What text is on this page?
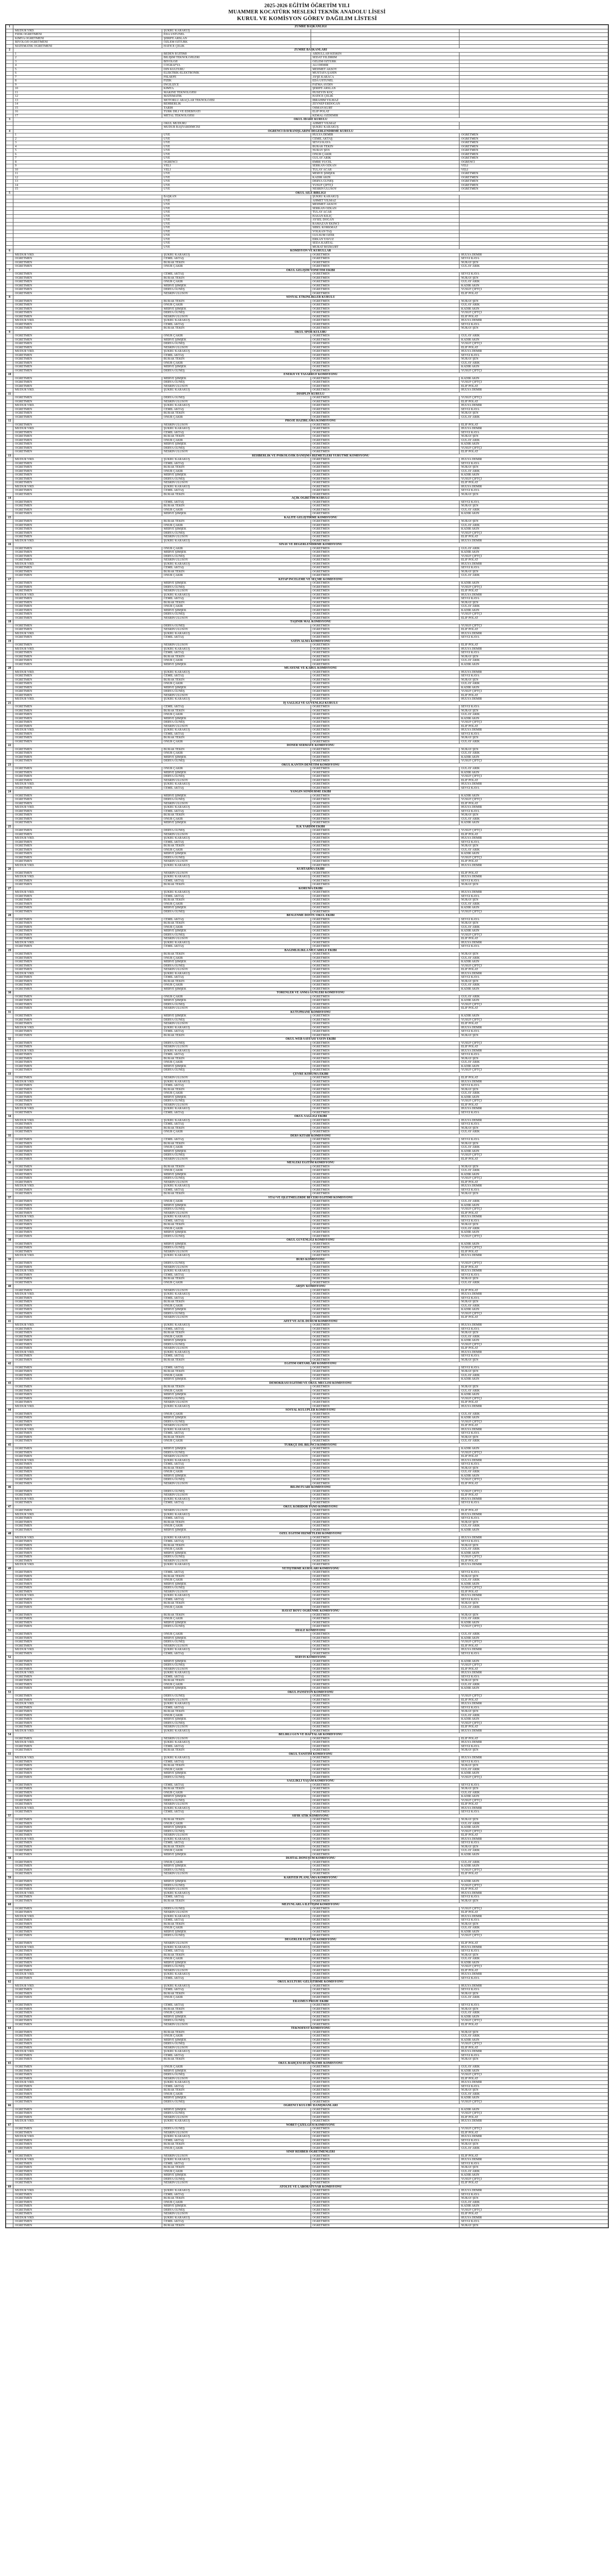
2025-2026 EĞİTİM ÖĞRETİM YILI
MUAMMER KOCATÜRK MESLEKİ TEKNİK ANADOLU LİSESİ
KURUL VE KOMİSYON GÖREV DAĞILIM LİSTESİ
1	ZÜMRE BAŞKANLIĞI			
	MÜDÜR YRD.	ŞÜKRÜ KARAKUŞ		
	FİZİK ÖĞRETMENİ	EDA ÜSTÜNEL		
	KİMYA ÖĞRETMENİ	ŞERİFE ARSLAN		
	BİYOLOJİ ÖĞRETMENİ	ÖZLEM ÖZTÜRK		
	MATEMATİK ÖĞRETMENİ	HATİCE ÇELİK		
2	ZÜMRE BAŞKANLARI			
	1	BEDEN EĞİTİMİ	ABDULLAH KESKİN	
	2	BİLİŞİM TEKNOLOJİLERİ	SEDAT YILDIRIM	
	3	BİYOLOJİ	ÖZLEM ÖZTÜRK	
	4	COĞRAFYA	ALİ DEMİR	
	5	DİN KÜLTÜRÜ	MEHMET AKSOY	
	6	ELEKTRİK-ELEKTRONİK	MUSTAFA ŞAHİN	
	7	FELSEFE	AYŞE KARACA	
	8	FİZİK	EDA ÜSTÜNEL	
	9	İNGİLİZCE	FATMA AYDIN	
	10	KİMYA	ŞERİFE ARSLAN	
	11	MAKİNE TEKNOLOJİSİ	HÜSEYİN KOÇ	
	12	MATEMATİK	HATİCE ÇELİK	
	13	MOTORLU ARAÇLAR TEKNOLOJİSİ	İBRAHİM YILMAZ	
	14	REHBERLİK	ZEYNEP ERDOĞAN	
	15	TARİH	OSMAN KURT	
	16	TÜRK DİLİ VE EDEBİYATI	ELİF POLAT	
	17	METAL TEKNOLOJİSİ	KEMAL ÖZDEMİR	
3	OKUL İDARE KURULU			
		OKUL MÜDÜRÜ	AHMET YILMAZ	
		MÜDÜR BAŞYARDIMCISI	ŞÜKRÜ KARAKUŞ	
4	ÖĞRENCİ DAVRANIŞLARINI DEĞERLENDİRME KURULU			
	1	ÜYE	HÜLYA DEMİR	ÖĞRETMEN
	2	ÜYE	CEMİL AKTAŞ	ÖĞRETMEN
	3	ÜYE	SEVGİ KAYA	ÖĞRETMEN
	4	ÜYE	BURAK TEKİN	ÖĞRETMEN
	5	ÜYE	NURAY ŞEN	ÖĞRETMEN
	6	ÜYE	ONUR ÇAKIR	ÖĞRETMEN
	7	ÜYE	GÜLAY ARIK	ÖĞRETMEN
	8	ÖĞRENCİ	EMRE YÜCEL	ÖĞRENCİ
	9	VELİ	SERKAN ÖZKAN	VELİ
	10	VELİ	TÜLAY ACAR	VELİ
	11	ÜYE	MERVE ŞİMŞEK	ÖĞRETMEN
	12	ÜYE	KADİR AKIN	ÖĞRETMEN
	13	ÜYE	DERYA GÜNEŞ	ÖĞRETMEN
	14	ÜYE	YUSUF ÇİFTÇİ	ÖĞRETMEN
	15	ÜYE	NESRİN ULUSOY	ÖĞRETMEN
5	OKUL AİLE BİRLİĞİ			
		BAŞKAN	ŞÜKRÜ KARAKUŞ	
		ÜYE	AHMET YILMAZ	
		ÜYE	MEHMET AKSOY	
		ÜYE	SERKAN ÖZKAN	
		ÜYE	TÜLAY ACAR	
		ÜYE	HASAN KILIÇ	
		ÜYE	AYSEL DOĞAN	
		ÜYE	RAMAZAN EKİNCİ	
		ÜYE	SİBEL KORKMAZ	
		ÜYE	VOLKAN TAŞ	
		ÜYE	GÜLSÜM ÖZER	
		ÜYE	ERKAN YAVUZ	
		ÜYE	SEDA KARTAL	
		ÜYE	MURAT BOZKURT	
6	KOMİSYON VE KURULLAR			
	MÜDÜR YRD.	ŞÜKRÜ KARAKUŞ	ÖĞRETMEN	HÜLYA DEMİR
	ÖĞRETMEN	CEMİL AKTAŞ	ÖĞRETMEN	SEVGİ KAYA
	ÖĞRETMEN	BURAK TEKİN	ÖĞRETMEN	NURAY ŞEN
	ÖĞRETMEN	ONUR ÇAKIR	ÖĞRETMEN	GÜLAY ARIK
7	OKUL GELİŞİM YÖNETİM EKİBİ			
	ÖĞRETMEN	CEMİL AKTAŞ	ÖĞRETMEN	SEVGİ KAYA
	ÖĞRETMEN	BURAK TEKİN	ÖĞRETMEN	NURAY ŞEN
	ÖĞRETMEN	ONUR ÇAKIR	ÖĞRETMEN	GÜLAY ARIK
	ÖĞRETMEN	MERVE ŞİMŞEK	ÖĞRETMEN	KADİR AKIN
	ÖĞRETMEN	DERYA GÜNEŞ	ÖĞRETMEN	YUSUF ÇİFTÇİ
	ÖĞRETMEN	NESRİN ULUSOY	ÖĞRETMEN	ELİF POLAT
8	SOSYAL ETKİNLİKLER KURULU			
	ÖĞRETMEN	BURAK TEKİN	ÖĞRETMEN	NURAY ŞEN
	ÖĞRETMEN	ONUR ÇAKIR	ÖĞRETMEN	GÜLAY ARIK
	ÖĞRETMEN	MERVE ŞİMŞEK	ÖĞRETMEN	KADİR AKIN
	ÖĞRETMEN	DERYA GÜNEŞ	ÖĞRETMEN	YUSUF ÇİFTÇİ
	ÖĞRETMEN	NESRİN ULUSOY	ÖĞRETMEN	ELİF POLAT
	MÜDÜR YRD.	ŞÜKRÜ KARAKUŞ	ÖĞRETMEN	HÜLYA DEMİR
	ÖĞRETMEN	CEMİL AKTAŞ	ÖĞRETMEN	SEVGİ KAYA
	ÖĞRETMEN	BURAK TEKİN	ÖĞRETMEN	NURAY ŞEN
9	OKUL SPOR KULÜBÜ			
	ÖĞRETMEN	ONUR ÇAKIR	ÖĞRETMEN	GÜLAY ARIK
	ÖĞRETMEN	MERVE ŞİMŞEK	ÖĞRETMEN	KADİR AKIN
	ÖĞRETMEN	DERYA GÜNEŞ	ÖĞRETMEN	YUSUF ÇİFTÇİ
	ÖĞRETMEN	NESRİN ULUSOY	ÖĞRETMEN	ELİF POLAT
	MÜDÜR YRD.	ŞÜKRÜ KARAKUŞ	ÖĞRETMEN	HÜLYA DEMİR
	ÖĞRETMEN	CEMİL AKTAŞ	ÖĞRETMEN	SEVGİ KAYA
	ÖĞRETMEN	BURAK TEKİN	ÖĞRETMEN	NURAY ŞEN
	ÖĞRETMEN	ONUR ÇAKIR	ÖĞRETMEN	GÜLAY ARIK
	ÖĞRETMEN	MERVE ŞİMŞEK	ÖĞRETMEN	KADİR AKIN
	ÖĞRETMEN	DERYA GÜNEŞ	ÖĞRETMEN	YUSUF ÇİFTÇİ
10	ENERJİ VE TASARRUF KOMİSYONU			
	ÖĞRETMEN	MERVE ŞİMŞEK	ÖĞRETMEN	KADİR AKIN
	ÖĞRETMEN	DERYA GÜNEŞ	ÖĞRETMEN	YUSUF ÇİFTÇİ
	ÖĞRETMEN	NESRİN ULUSOY	ÖĞRETMEN	ELİF POLAT
	MÜDÜR YRD.	ŞÜKRÜ KARAKUŞ	ÖĞRETMEN	HÜLYA DEMİR
11	DİSİPLİN KURULU			
	ÖĞRETMEN	DERYA GÜNEŞ	ÖĞRETMEN	YUSUF ÇİFTÇİ
	ÖĞRETMEN	NESRİN ULUSOY	ÖĞRETMEN	ELİF POLAT
	MÜDÜR YRD.	ŞÜKRÜ KARAKUŞ	ÖĞRETMEN	HÜLYA DEMİR
	ÖĞRETMEN	CEMİL AKTAŞ	ÖĞRETMEN	SEVGİ KAYA
	ÖĞRETMEN	BURAK TEKİN	ÖĞRETMEN	NURAY ŞEN
	ÖĞRETMEN	ONUR ÇAKIR	ÖĞRETMEN	GÜLAY ARIK
12	PROJE HAZIRLAMA KOMİSYONU			
	ÖĞRETMEN	NESRİN ULUSOY	ÖĞRETMEN	ELİF POLAT
	MÜDÜR YRD.	ŞÜKRÜ KARAKUŞ	ÖĞRETMEN	HÜLYA DEMİR
	ÖĞRETMEN	CEMİL AKTAŞ	ÖĞRETMEN	SEVGİ KAYA
	ÖĞRETMEN	BURAK TEKİN	ÖĞRETMEN	NURAY ŞEN
	ÖĞRETMEN	ONUR ÇAKIR	ÖĞRETMEN	GÜLAY ARIK
	ÖĞRETMEN	MERVE ŞİMŞEK	ÖĞRETMEN	KADİR AKIN
	ÖĞRETMEN	DERYA GÜNEŞ	ÖĞRETMEN	YUSUF ÇİFTÇİ
	ÖĞRETMEN	NESRİN ULUSOY	ÖĞRETMEN	ELİF POLAT
13	REHBERLİK VE PSİKOLOJİK DANIŞMA HİZMETLERİ YÜRÜTME KOMİSYONU			
	MÜDÜR YRD.	ŞÜKRÜ KARAKUŞ	ÖĞRETMEN	HÜLYA DEMİR
	ÖĞRETMEN	CEMİL AKTAŞ	ÖĞRETMEN	SEVGİ KAYA
	ÖĞRETMEN	BURAK TEKİN	ÖĞRETMEN	NURAY ŞEN
	ÖĞRETMEN	ONUR ÇAKIR	ÖĞRETMEN	GÜLAY ARIK
	ÖĞRETMEN	MERVE ŞİMŞEK	ÖĞRETMEN	KADİR AKIN
	ÖĞRETMEN	DERYA GÜNEŞ	ÖĞRETMEN	YUSUF ÇİFTÇİ
	ÖĞRETMEN	NESRİN ULUSOY	ÖĞRETMEN	ELİF POLAT
	MÜDÜR YRD.	ŞÜKRÜ KARAKUŞ	ÖĞRETMEN	HÜLYA DEMİR
	ÖĞRETMEN	CEMİL AKTAŞ	ÖĞRETMEN	SEVGİ KAYA
	ÖĞRETMEN	BURAK TEKİN	ÖĞRETMEN	NURAY ŞEN
14	AÇIK ÖĞRETİM KURULU			
	ÖĞRETMEN	CEMİL AKTAŞ	ÖĞRETMEN	SEVGİ KAYA
	ÖĞRETMEN	BURAK TEKİN	ÖĞRETMEN	NURAY ŞEN
	ÖĞRETMEN	ONUR ÇAKIR	ÖĞRETMEN	GÜLAY ARIK
	ÖĞRETMEN	MERVE ŞİMŞEK	ÖĞRETMEN	KADİR AKIN
15	KALİTE GELİŞTİRME KOMİSYONU			
	ÖĞRETMEN	BURAK TEKİN	ÖĞRETMEN	NURAY ŞEN
	ÖĞRETMEN	ONUR ÇAKIR	ÖĞRETMEN	GÜLAY ARIK
	ÖĞRETMEN	MERVE ŞİMŞEK	ÖĞRETMEN	KADİR AKIN
	ÖĞRETMEN	DERYA GÜNEŞ	ÖĞRETMEN	YUSUF ÇİFTÇİ
	ÖĞRETMEN	NESRİN ULUSOY	ÖĞRETMEN	ELİF POLAT
	MÜDÜR YRD.	ŞÜKRÜ KARAKUŞ	ÖĞRETMEN	HÜLYA DEMİR
16	SINAV VE DEĞERLENDİRME KOMİSYONU			
	ÖĞRETMEN	ONUR ÇAKIR	ÖĞRETMEN	GÜLAY ARIK
	ÖĞRETMEN	MERVE ŞİMŞEK	ÖĞRETMEN	KADİR AKIN
	ÖĞRETMEN	DERYA GÜNEŞ	ÖĞRETMEN	YUSUF ÇİFTÇİ
	ÖĞRETMEN	NESRİN ULUSOY	ÖĞRETMEN	ELİF POLAT
	MÜDÜR YRD.	ŞÜKRÜ KARAKUŞ	ÖĞRETMEN	HÜLYA DEMİR
	ÖĞRETMEN	CEMİL AKTAŞ	ÖĞRETMEN	SEVGİ KAYA
	ÖĞRETMEN	BURAK TEKİN	ÖĞRETMEN	NURAY ŞEN
	ÖĞRETMEN	ONUR ÇAKIR	ÖĞRETMEN	GÜLAY ARIK
17	KİTAP İNCELEME VE SEÇME KOMİSYONU			
	ÖĞRETMEN	MERVE ŞİMŞEK	ÖĞRETMEN	KADİR AKIN
	ÖĞRETMEN	DERYA GÜNEŞ	ÖĞRETMEN	YUSUF ÇİFTÇİ
	ÖĞRETMEN	NESRİN ULUSOY	ÖĞRETMEN	ELİF POLAT
	MÜDÜR YRD.	ŞÜKRÜ KARAKUŞ	ÖĞRETMEN	HÜLYA DEMİR
	ÖĞRETMEN	CEMİL AKTAŞ	ÖĞRETMEN	SEVGİ KAYA
	ÖĞRETMEN	BURAK TEKİN	ÖĞRETMEN	NURAY ŞEN
	ÖĞRETMEN	ONUR ÇAKIR	ÖĞRETMEN	GÜLAY ARIK
	ÖĞRETMEN	MERVE ŞİMŞEK	ÖĞRETMEN	KADİR AKIN
	ÖĞRETMEN	DERYA GÜNEŞ	ÖĞRETMEN	YUSUF ÇİFTÇİ
	ÖĞRETMEN	NESRİN ULUSOY	ÖĞRETMEN	ELİF POLAT
18	TAŞINIR MAL KOMİSYONU			
	ÖĞRETMEN	DERYA GÜNEŞ	ÖĞRETMEN	YUSUF ÇİFTÇİ
	ÖĞRETMEN	NESRİN ULUSOY	ÖĞRETMEN	ELİF POLAT
	MÜDÜR YRD.	ŞÜKRÜ KARAKUŞ	ÖĞRETMEN	HÜLYA DEMİR
	ÖĞRETMEN	CEMİL AKTAŞ	ÖĞRETMEN	SEVGİ KAYA
19	SATIN ALMA KOMİSYONU			
	ÖĞRETMEN	NESRİN ULUSOY	ÖĞRETMEN	ELİF POLAT
	MÜDÜR YRD.	ŞÜKRÜ KARAKUŞ	ÖĞRETMEN	HÜLYA DEMİR
	ÖĞRETMEN	CEMİL AKTAŞ	ÖĞRETMEN	SEVGİ KAYA
	ÖĞRETMEN	BURAK TEKİN	ÖĞRETMEN	NURAY ŞEN
	ÖĞRETMEN	ONUR ÇAKIR	ÖĞRETMEN	GÜLAY ARIK
	ÖĞRETMEN	MERVE ŞİMŞEK	ÖĞRETMEN	KADİR AKIN
20	MUAYENE VE KABUL KOMİSYONU			
	MÜDÜR YRD.	ŞÜKRÜ KARAKUŞ	ÖĞRETMEN	HÜLYA DEMİR
	ÖĞRETMEN	CEMİL AKTAŞ	ÖĞRETMEN	SEVGİ KAYA
	ÖĞRETMEN	BURAK TEKİN	ÖĞRETMEN	NURAY ŞEN
	ÖĞRETMEN	ONUR ÇAKIR	ÖĞRETMEN	GÜLAY ARIK
	ÖĞRETMEN	MERVE ŞİMŞEK	ÖĞRETMEN	KADİR AKIN
	ÖĞRETMEN	DERYA GÜNEŞ	ÖĞRETMEN	YUSUF ÇİFTÇİ
	ÖĞRETMEN	NESRİN ULUSOY	ÖĞRETMEN	ELİF POLAT
	MÜDÜR YRD.	ŞÜKRÜ KARAKUŞ	ÖĞRETMEN	HÜLYA DEMİR
21	İŞ SAĞLIĞI VE GÜVENLİĞİ KURULU			
	ÖĞRETMEN	CEMİL AKTAŞ	ÖĞRETMEN	SEVGİ KAYA
	ÖĞRETMEN	BURAK TEKİN	ÖĞRETMEN	NURAY ŞEN
	ÖĞRETMEN	ONUR ÇAKIR	ÖĞRETMEN	GÜLAY ARIK
	ÖĞRETMEN	MERVE ŞİMŞEK	ÖĞRETMEN	KADİR AKIN
	ÖĞRETMEN	DERYA GÜNEŞ	ÖĞRETMEN	YUSUF ÇİFTÇİ
	ÖĞRETMEN	NESRİN ULUSOY	ÖĞRETMEN	ELİF POLAT
	MÜDÜR YRD.	ŞÜKRÜ KARAKUŞ	ÖĞRETMEN	HÜLYA DEMİR
	ÖĞRETMEN	CEMİL AKTAŞ	ÖĞRETMEN	SEVGİ KAYA
	ÖĞRETMEN	BURAK TEKİN	ÖĞRETMEN	NURAY ŞEN
	ÖĞRETMEN	ONUR ÇAKIR	ÖĞRETMEN	GÜLAY ARIK
22	DÖNER SERMAYE KOMİSYONU			
	ÖĞRETMEN	BURAK TEKİN	ÖĞRETMEN	NURAY ŞEN
	ÖĞRETMEN	ONUR ÇAKIR	ÖĞRETMEN	GÜLAY ARIK
	ÖĞRETMEN	MERVE ŞİMŞEK	ÖĞRETMEN	KADİR AKIN
	ÖĞRETMEN	DERYA GÜNEŞ	ÖĞRETMEN	YUSUF ÇİFTÇİ
23	OKUL KANTİN DENETİM KOMİSYONU			
	ÖĞRETMEN	ONUR ÇAKIR	ÖĞRETMEN	GÜLAY ARIK
	ÖĞRETMEN	MERVE ŞİMŞEK	ÖĞRETMEN	KADİR AKIN
	ÖĞRETMEN	DERYA GÜNEŞ	ÖĞRETMEN	YUSUF ÇİFTÇİ
	ÖĞRETMEN	NESRİN ULUSOY	ÖĞRETMEN	ELİF POLAT
	MÜDÜR YRD.	ŞÜKRÜ KARAKUŞ	ÖĞRETMEN	HÜLYA DEMİR
	ÖĞRETMEN	CEMİL AKTAŞ	ÖĞRETMEN	SEVGİ KAYA
24	YANGIN SÖNDÜRME EKİBİ			
	ÖĞRETMEN	MERVE ŞİMŞEK	ÖĞRETMEN	KADİR AKIN
	ÖĞRETMEN	DERYA GÜNEŞ	ÖĞRETMEN	YUSUF ÇİFTÇİ
	ÖĞRETMEN	NESRİN ULUSOY	ÖĞRETMEN	ELİF POLAT
	MÜDÜR YRD.	ŞÜKRÜ KARAKUŞ	ÖĞRETMEN	HÜLYA DEMİR
	ÖĞRETMEN	CEMİL AKTAŞ	ÖĞRETMEN	SEVGİ KAYA
	ÖĞRETMEN	BURAK TEKİN	ÖĞRETMEN	NURAY ŞEN
	ÖĞRETMEN	ONUR ÇAKIR	ÖĞRETMEN	GÜLAY ARIK
	ÖĞRETMEN	MERVE ŞİMŞEK	ÖĞRETMEN	KADİR AKIN
25	İLK YARDIM EKİBİ			
	ÖĞRETMEN	DERYA GÜNEŞ	ÖĞRETMEN	YUSUF ÇİFTÇİ
	ÖĞRETMEN	NESRİN ULUSOY	ÖĞRETMEN	ELİF POLAT
	MÜDÜR YRD.	ŞÜKRÜ KARAKUŞ	ÖĞRETMEN	HÜLYA DEMİR
	ÖĞRETMEN	CEMİL AKTAŞ	ÖĞRETMEN	SEVGİ KAYA
	ÖĞRETMEN	BURAK TEKİN	ÖĞRETMEN	NURAY ŞEN
	ÖĞRETMEN	ONUR ÇAKIR	ÖĞRETMEN	GÜLAY ARIK
	ÖĞRETMEN	MERVE ŞİMŞEK	ÖĞRETMEN	KADİR AKIN
	ÖĞRETMEN	DERYA GÜNEŞ	ÖĞRETMEN	YUSUF ÇİFTÇİ
	ÖĞRETMEN	NESRİN ULUSOY	ÖĞRETMEN	ELİF POLAT
	MÜDÜR YRD.	ŞÜKRÜ KARAKUŞ	ÖĞRETMEN	HÜLYA DEMİR
26	KURTARMA EKİBİ			
	ÖĞRETMEN	NESRİN ULUSOY	ÖĞRETMEN	ELİF POLAT
	MÜDÜR YRD.	ŞÜKRÜ KARAKUŞ	ÖĞRETMEN	HÜLYA DEMİR
	ÖĞRETMEN	CEMİL AKTAŞ	ÖĞRETMEN	SEVGİ KAYA
	ÖĞRETMEN	BURAK TEKİN	ÖĞRETMEN	NURAY ŞEN
27	KORUMA EKİBİ			
	MÜDÜR YRD.	ŞÜKRÜ KARAKUŞ	ÖĞRETMEN	HÜLYA DEMİR
	ÖĞRETMEN	CEMİL AKTAŞ	ÖĞRETMEN	SEVGİ KAYA
	ÖĞRETMEN	BURAK TEKİN	ÖĞRETMEN	NURAY ŞEN
	ÖĞRETMEN	ONUR ÇAKIR	ÖĞRETMEN	GÜLAY ARIK
	ÖĞRETMEN	MERVE ŞİMŞEK	ÖĞRETMEN	KADİR AKIN
	ÖĞRETMEN	DERYA GÜNEŞ	ÖĞRETMEN	YUSUF ÇİFTÇİ
28	BESLENME DOSTU OKUL EKİBİ			
	ÖĞRETMEN	CEMİL AKTAŞ	ÖĞRETMEN	SEVGİ KAYA
	ÖĞRETMEN	BURAK TEKİN	ÖĞRETMEN	NURAY ŞEN
	ÖĞRETMEN	ONUR ÇAKIR	ÖĞRETMEN	GÜLAY ARIK
	ÖĞRETMEN	MERVE ŞİMŞEK	ÖĞRETMEN	KADİR AKIN
	ÖĞRETMEN	DERYA GÜNEŞ	ÖĞRETMEN	YUSUF ÇİFTÇİ
	ÖĞRETMEN	NESRİN ULUSOY	ÖĞRETMEN	ELİF POLAT
	MÜDÜR YRD.	ŞÜKRÜ KARAKUŞ	ÖĞRETMEN	HÜLYA DEMİR
	ÖĞRETMEN	CEMİL AKTAŞ	ÖĞRETMEN	SEVGİ KAYA
29	BAĞIMLILIKLA MÜCADELE EKİBİ			
	ÖĞRETMEN	BURAK TEKİN	ÖĞRETMEN	NURAY ŞEN
	ÖĞRETMEN	ONUR ÇAKIR	ÖĞRETMEN	GÜLAY ARIK
	ÖĞRETMEN	MERVE ŞİMŞEK	ÖĞRETMEN	KADİR AKIN
	ÖĞRETMEN	DERYA GÜNEŞ	ÖĞRETMEN	YUSUF ÇİFTÇİ
	ÖĞRETMEN	NESRİN ULUSOY	ÖĞRETMEN	ELİF POLAT
	MÜDÜR YRD.	ŞÜKRÜ KARAKUŞ	ÖĞRETMEN	HÜLYA DEMİR
	ÖĞRETMEN	CEMİL AKTAŞ	ÖĞRETMEN	SEVGİ KAYA
	ÖĞRETMEN	BURAK TEKİN	ÖĞRETMEN	NURAY ŞEN
	ÖĞRETMEN	ONUR ÇAKIR	ÖĞRETMEN	GÜLAY ARIK
	ÖĞRETMEN	MERVE ŞİMŞEK	ÖĞRETMEN	KADİR AKIN
30	TÖRENLER VE ANMA GÜNLERİ KOMİSYONU			
	ÖĞRETMEN	ONUR ÇAKIR	ÖĞRETMEN	GÜLAY ARIK
	ÖĞRETMEN	MERVE ŞİMŞEK	ÖĞRETMEN	KADİR AKIN
	ÖĞRETMEN	DERYA GÜNEŞ	ÖĞRETMEN	YUSUF ÇİFTÇİ
	ÖĞRETMEN	NESRİN ULUSOY	ÖĞRETMEN	ELİF POLAT
31	KÜTÜPHANE KOMİSYONU			
	ÖĞRETMEN	MERVE ŞİMŞEK	ÖĞRETMEN	KADİR AKIN
	ÖĞRETMEN	DERYA GÜNEŞ	ÖĞRETMEN	YUSUF ÇİFTÇİ
	ÖĞRETMEN	NESRİN ULUSOY	ÖĞRETMEN	ELİF POLAT
	MÜDÜR YRD.	ŞÜKRÜ KARAKUŞ	ÖĞRETMEN	HÜLYA DEMİR
	ÖĞRETMEN	CEMİL AKTAŞ	ÖĞRETMEN	SEVGİ KAYA
	ÖĞRETMEN	BURAK TEKİN	ÖĞRETMEN	NURAY ŞEN
32	OKUL WEB SAYFASI YAYIN EKİBİ			
	ÖĞRETMEN	DERYA GÜNEŞ	ÖĞRETMEN	YUSUF ÇİFTÇİ
	ÖĞRETMEN	NESRİN ULUSOY	ÖĞRETMEN	ELİF POLAT
	MÜDÜR YRD.	ŞÜKRÜ KARAKUŞ	ÖĞRETMEN	HÜLYA DEMİR
	ÖĞRETMEN	CEMİL AKTAŞ	ÖĞRETMEN	SEVGİ KAYA
	ÖĞRETMEN	BURAK TEKİN	ÖĞRETMEN	NURAY ŞEN
	ÖĞRETMEN	ONUR ÇAKIR	ÖĞRETMEN	GÜLAY ARIK
	ÖĞRETMEN	MERVE ŞİMŞEK	ÖĞRETMEN	KADİR AKIN
	ÖĞRETMEN	DERYA GÜNEŞ	ÖĞRETMEN	YUSUF ÇİFTÇİ
33	ÇEVRE KORUMA EKİBİ			
	ÖĞRETMEN	NESRİN ULUSOY	ÖĞRETMEN	ELİF POLAT
	MÜDÜR YRD.	ŞÜKRÜ KARAKUŞ	ÖĞRETMEN	HÜLYA DEMİR
	ÖĞRETMEN	CEMİL AKTAŞ	ÖĞRETMEN	SEVGİ KAYA
	ÖĞRETMEN	BURAK TEKİN	ÖĞRETMEN	NURAY ŞEN
	ÖĞRETMEN	ONUR ÇAKIR	ÖĞRETMEN	GÜLAY ARIK
	ÖĞRETMEN	MERVE ŞİMŞEK	ÖĞRETMEN	KADİR AKIN
	ÖĞRETMEN	DERYA GÜNEŞ	ÖĞRETMEN	YUSUF ÇİFTÇİ
	ÖĞRETMEN	NESRİN ULUSOY	ÖĞRETMEN	ELİF POLAT
	MÜDÜR YRD.	ŞÜKRÜ KARAKUŞ	ÖĞRETMEN	HÜLYA DEMİR
	ÖĞRETMEN	CEMİL AKTAŞ	ÖĞRETMEN	SEVGİ KAYA
34	OKUL SAĞLIĞI EKİBİ			
	MÜDÜR YRD.	ŞÜKRÜ KARAKUŞ	ÖĞRETMEN	HÜLYA DEMİR
	ÖĞRETMEN	CEMİL AKTAŞ	ÖĞRETMEN	SEVGİ KAYA
	ÖĞRETMEN	BURAK TEKİN	ÖĞRETMEN	NURAY ŞEN
	ÖĞRETMEN	ONUR ÇAKIR	ÖĞRETMEN	GÜLAY ARIK
35	DERS KİTABI KOMİSYONU			
	ÖĞRETMEN	CEMİL AKTAŞ	ÖĞRETMEN	SEVGİ KAYA
	ÖĞRETMEN	BURAK TEKİN	ÖĞRETMEN	NURAY ŞEN
	ÖĞRETMEN	ONUR ÇAKIR	ÖĞRETMEN	GÜLAY ARIK
	ÖĞRETMEN	MERVE ŞİMŞEK	ÖĞRETMEN	KADİR AKIN
	ÖĞRETMEN	DERYA GÜNEŞ	ÖĞRETMEN	YUSUF ÇİFTÇİ
	ÖĞRETMEN	NESRİN ULUSOY	ÖĞRETMEN	ELİF POLAT
36	MESLEKİ EĞİTİM KOMİSYONU			
	ÖĞRETMEN	BURAK TEKİN	ÖĞRETMEN	NURAY ŞEN
	ÖĞRETMEN	ONUR ÇAKIR	ÖĞRETMEN	GÜLAY ARIK
	ÖĞRETMEN	MERVE ŞİMŞEK	ÖĞRETMEN	KADİR AKIN
	ÖĞRETMEN	DERYA GÜNEŞ	ÖĞRETMEN	YUSUF ÇİFTÇİ
	ÖĞRETMEN	NESRİN ULUSOY	ÖĞRETMEN	ELİF POLAT
	MÜDÜR YRD.	ŞÜKRÜ KARAKUŞ	ÖĞRETMEN	HÜLYA DEMİR
	ÖĞRETMEN	CEMİL AKTAŞ	ÖĞRETMEN	SEVGİ KAYA
	ÖĞRETMEN	BURAK TEKİN	ÖĞRETMEN	NURAY ŞEN
37	STAJ VE İŞLETMELERDE BECERİ EĞİTİMİ KOMİSYONU			
	ÖĞRETMEN	ONUR ÇAKIR	ÖĞRETMEN	GÜLAY ARIK
	ÖĞRETMEN	MERVE ŞİMŞEK	ÖĞRETMEN	KADİR AKIN
	ÖĞRETMEN	DERYA GÜNEŞ	ÖĞRETMEN	YUSUF ÇİFTÇİ
	ÖĞRETMEN	NESRİN ULUSOY	ÖĞRETMEN	ELİF POLAT
	MÜDÜR YRD.	ŞÜKRÜ KARAKUŞ	ÖĞRETMEN	HÜLYA DEMİR
	ÖĞRETMEN	CEMİL AKTAŞ	ÖĞRETMEN	SEVGİ KAYA
	ÖĞRETMEN	BURAK TEKİN	ÖĞRETMEN	NURAY ŞEN
	ÖĞRETMEN	ONUR ÇAKIR	ÖĞRETMEN	GÜLAY ARIK
	ÖĞRETMEN	MERVE ŞİMŞEK	ÖĞRETMEN	KADİR AKIN
	ÖĞRETMEN	DERYA GÜNEŞ	ÖĞRETMEN	YUSUF ÇİFTÇİ
38	OKUL GÜVENLİĞİ KOMİSYONU			
	ÖĞRETMEN	MERVE ŞİMŞEK	ÖĞRETMEN	KADİR AKIN
	ÖĞRETMEN	DERYA GÜNEŞ	ÖĞRETMEN	YUSUF ÇİFTÇİ
	ÖĞRETMEN	NESRİN ULUSOY	ÖĞRETMEN	ELİF POLAT
	MÜDÜR YRD.	ŞÜKRÜ KARAKUŞ	ÖĞRETMEN	HÜLYA DEMİR
39	BURS KOMİSYONU			
	ÖĞRETMEN	DERYA GÜNEŞ	ÖĞRETMEN	YUSUF ÇİFTÇİ
	ÖĞRETMEN	NESRİN ULUSOY	ÖĞRETMEN	ELİF POLAT
	MÜDÜR YRD.	ŞÜKRÜ KARAKUŞ	ÖĞRETMEN	HÜLYA DEMİR
	ÖĞRETMEN	CEMİL AKTAŞ	ÖĞRETMEN	SEVGİ KAYA
	ÖĞRETMEN	BURAK TEKİN	ÖĞRETMEN	NURAY ŞEN
	ÖĞRETMEN	ONUR ÇAKIR	ÖĞRETMEN	GÜLAY ARIK
40	ARŞİV KOMİSYONU			
	ÖĞRETMEN	NESRİN ULUSOY	ÖĞRETMEN	ELİF POLAT
	MÜDÜR YRD.	ŞÜKRÜ KARAKUŞ	ÖĞRETMEN	HÜLYA DEMİR
	ÖĞRETMEN	CEMİL AKTAŞ	ÖĞRETMEN	SEVGİ KAYA
	ÖĞRETMEN	BURAK TEKİN	ÖĞRETMEN	NURAY ŞEN
	ÖĞRETMEN	ONUR ÇAKIR	ÖĞRETMEN	GÜLAY ARIK
	ÖĞRETMEN	MERVE ŞİMŞEK	ÖĞRETMEN	KADİR AKIN
	ÖĞRETMEN	DERYA GÜNEŞ	ÖĞRETMEN	YUSUF ÇİFTÇİ
	ÖĞRETMEN	NESRİN ULUSOY	ÖĞRETMEN	ELİF POLAT
41	AFET VE ACİL DURUM KOMİSYONU			
	MÜDÜR YRD.	ŞÜKRÜ KARAKUŞ	ÖĞRETMEN	HÜLYA DEMİR
	ÖĞRETMEN	CEMİL AKTAŞ	ÖĞRETMEN	SEVGİ KAYA
	ÖĞRETMEN	BURAK TEKİN	ÖĞRETMEN	NURAY ŞEN
	ÖĞRETMEN	ONUR ÇAKIR	ÖĞRETMEN	GÜLAY ARIK
	ÖĞRETMEN	MERVE ŞİMŞEK	ÖĞRETMEN	KADİR AKIN
	ÖĞRETMEN	DERYA GÜNEŞ	ÖĞRETMEN	YUSUF ÇİFTÇİ
	ÖĞRETMEN	NESRİN ULUSOY	ÖĞRETMEN	ELİF POLAT
	MÜDÜR YRD.	ŞÜKRÜ KARAKUŞ	ÖĞRETMEN	HÜLYA DEMİR
	ÖĞRETMEN	CEMİL AKTAŞ	ÖĞRETMEN	SEVGİ KAYA
	ÖĞRETMEN	BURAK TEKİN	ÖĞRETMEN	NURAY ŞEN
42	EĞİTİM ORTAMLARI KOMİSYONU			
	ÖĞRETMEN	CEMİL AKTAŞ	ÖĞRETMEN	SEVGİ KAYA
	ÖĞRETMEN	BURAK TEKİN	ÖĞRETMEN	NURAY ŞEN
	ÖĞRETMEN	ONUR ÇAKIR	ÖĞRETMEN	GÜLAY ARIK
	ÖĞRETMEN	MERVE ŞİMŞEK	ÖĞRETMEN	KADİR AKIN
43	DEMOKRASİ EĞİTİMİ VE OKUL MECLİSİ KOMİSYONU			
	ÖĞRETMEN	BURAK TEKİN	ÖĞRETMEN	NURAY ŞEN
	ÖĞRETMEN	ONUR ÇAKIR	ÖĞRETMEN	GÜLAY ARIK
	ÖĞRETMEN	MERVE ŞİMŞEK	ÖĞRETMEN	KADİR AKIN
	ÖĞRETMEN	DERYA GÜNEŞ	ÖĞRETMEN	YUSUF ÇİFTÇİ
	ÖĞRETMEN	NESRİN ULUSOY	ÖĞRETMEN	ELİF POLAT
	MÜDÜR YRD.	ŞÜKRÜ KARAKUŞ	ÖĞRETMEN	HÜLYA DEMİR
44	SOSYAL KULÜPLER KOMİSYONU			
	ÖĞRETMEN	ONUR ÇAKIR	ÖĞRETMEN	GÜLAY ARIK
	ÖĞRETMEN	MERVE ŞİMŞEK	ÖĞRETMEN	KADİR AKIN
	ÖĞRETMEN	DERYA GÜNEŞ	ÖĞRETMEN	YUSUF ÇİFTÇİ
	ÖĞRETMEN	NESRİN ULUSOY	ÖĞRETMEN	ELİF POLAT
	MÜDÜR YRD.	ŞÜKRÜ KARAKUŞ	ÖĞRETMEN	HÜLYA DEMİR
	ÖĞRETMEN	CEMİL AKTAŞ	ÖĞRETMEN	SEVGİ KAYA
	ÖĞRETMEN	BURAK TEKİN	ÖĞRETMEN	NURAY ŞEN
	ÖĞRETMEN	ONUR ÇAKIR	ÖĞRETMEN	GÜLAY ARIK
45	TÜRKÇE DİL BİLİNCİ KOMİSYONU			
	ÖĞRETMEN	MERVE ŞİMŞEK	ÖĞRETMEN	KADİR AKIN
	ÖĞRETMEN	DERYA GÜNEŞ	ÖĞRETMEN	YUSUF ÇİFTÇİ
	ÖĞRETMEN	NESRİN ULUSOY	ÖĞRETMEN	ELİF POLAT
	MÜDÜR YRD.	ŞÜKRÜ KARAKUŞ	ÖĞRETMEN	HÜLYA DEMİR
	ÖĞRETMEN	CEMİL AKTAŞ	ÖĞRETMEN	SEVGİ KAYA
	ÖĞRETMEN	BURAK TEKİN	ÖĞRETMEN	NURAY ŞEN
	ÖĞRETMEN	ONUR ÇAKIR	ÖĞRETMEN	GÜLAY ARIK
	ÖĞRETMEN	MERVE ŞİMŞEK	ÖĞRETMEN	KADİR AKIN
	ÖĞRETMEN	DERYA GÜNEŞ	ÖĞRETMEN	YUSUF ÇİFTÇİ
	ÖĞRETMEN	NESRİN ULUSOY	ÖĞRETMEN	ELİF POLAT
46	BİLİM FUARI KOMİSYONU			
	ÖĞRETMEN	DERYA GÜNEŞ	ÖĞRETMEN	YUSUF ÇİFTÇİ
	ÖĞRETMEN	NESRİN ULUSOY	ÖĞRETMEN	ELİF POLAT
	MÜDÜR YRD.	ŞÜKRÜ KARAKUŞ	ÖĞRETMEN	HÜLYA DEMİR
	ÖĞRETMEN	CEMİL AKTAŞ	ÖĞRETMEN	SEVGİ KAYA
47	OKUL KORİDOR PANO KOMİSYONU			
	ÖĞRETMEN	NESRİN ULUSOY	ÖĞRETMEN	ELİF POLAT
	MÜDÜR YRD.	ŞÜKRÜ KARAKUŞ	ÖĞRETMEN	HÜLYA DEMİR
	ÖĞRETMEN	CEMİL AKTAŞ	ÖĞRETMEN	SEVGİ KAYA
	ÖĞRETMEN	BURAK TEKİN	ÖĞRETMEN	NURAY ŞEN
	ÖĞRETMEN	ONUR ÇAKIR	ÖĞRETMEN	GÜLAY ARIK
	ÖĞRETMEN	MERVE ŞİMŞEK	ÖĞRETMEN	KADİR AKIN
48	ÖZEL EĞİTİM HİZMETLERİ KOMİSYONU			
	MÜDÜR YRD.	ŞÜKRÜ KARAKUŞ	ÖĞRETMEN	HÜLYA DEMİR
	ÖĞRETMEN	CEMİL AKTAŞ	ÖĞRETMEN	SEVGİ KAYA
	ÖĞRETMEN	BURAK TEKİN	ÖĞRETMEN	NURAY ŞEN
	ÖĞRETMEN	ONUR ÇAKIR	ÖĞRETMEN	GÜLAY ARIK
	ÖĞRETMEN	MERVE ŞİMŞEK	ÖĞRETMEN	KADİR AKIN
	ÖĞRETMEN	DERYA GÜNEŞ	ÖĞRETMEN	YUSUF ÇİFTÇİ
	ÖĞRETMEN	NESRİN ULUSOY	ÖĞRETMEN	ELİF POLAT
	MÜDÜR YRD.	ŞÜKRÜ KARAKUŞ	ÖĞRETMEN	HÜLYA DEMİR
49	YETİŞTİRME KURSLARI KOMİSYONU			
	ÖĞRETMEN	CEMİL AKTAŞ	ÖĞRETMEN	SEVGİ KAYA
	ÖĞRETMEN	BURAK TEKİN	ÖĞRETMEN	NURAY ŞEN
	ÖĞRETMEN	ONUR ÇAKIR	ÖĞRETMEN	GÜLAY ARIK
	ÖĞRETMEN	MERVE ŞİMŞEK	ÖĞRETMEN	KADİR AKIN
	ÖĞRETMEN	DERYA GÜNEŞ	ÖĞRETMEN	YUSUF ÇİFTÇİ
	ÖĞRETMEN	NESRİN ULUSOY	ÖĞRETMEN	ELİF POLAT
	MÜDÜR YRD.	ŞÜKRÜ KARAKUŞ	ÖĞRETMEN	HÜLYA DEMİR
	ÖĞRETMEN	CEMİL AKTAŞ	ÖĞRETMEN	SEVGİ KAYA
	ÖĞRETMEN	BURAK TEKİN	ÖĞRETMEN	NURAY ŞEN
	ÖĞRETMEN	ONUR ÇAKIR	ÖĞRETMEN	GÜLAY ARIK
50	HAYAT BOYU ÖĞRENME KOMİSYONU			
	ÖĞRETMEN	BURAK TEKİN	ÖĞRETMEN	NURAY ŞEN
	ÖĞRETMEN	ONUR ÇAKIR	ÖĞRETMEN	GÜLAY ARIK
	ÖĞRETMEN	MERVE ŞİMŞEK	ÖĞRETMEN	KADİR AKIN
	ÖĞRETMEN	DERYA GÜNEŞ	ÖĞRETMEN	YUSUF ÇİFTÇİ
51	İHALE KOMİSYONU			
	ÖĞRETMEN	ONUR ÇAKIR	ÖĞRETMEN	GÜLAY ARIK
	ÖĞRETMEN	MERVE ŞİMŞEK	ÖĞRETMEN	KADİR AKIN
	ÖĞRETMEN	DERYA GÜNEŞ	ÖĞRETMEN	YUSUF ÇİFTÇİ
	ÖĞRETMEN	NESRİN ULUSOY	ÖĞRETMEN	ELİF POLAT
	MÜDÜR YRD.	ŞÜKRÜ KARAKUŞ	ÖĞRETMEN	HÜLYA DEMİR
	ÖĞRETMEN	CEMİL AKTAŞ	ÖĞRETMEN	SEVGİ KAYA
52	SERVİS KOMİSYONU			
	ÖĞRETMEN	MERVE ŞİMŞEK	ÖĞRETMEN	KADİR AKIN
	ÖĞRETMEN	DERYA GÜNEŞ	ÖĞRETMEN	YUSUF ÇİFTÇİ
	ÖĞRETMEN	NESRİN ULUSOY	ÖĞRETMEN	ELİF POLAT
	MÜDÜR YRD.	ŞÜKRÜ KARAKUŞ	ÖĞRETMEN	HÜLYA DEMİR
	ÖĞRETMEN	CEMİL AKTAŞ	ÖĞRETMEN	SEVGİ KAYA
	ÖĞRETMEN	BURAK TEKİN	ÖĞRETMEN	NURAY ŞEN
	ÖĞRETMEN	ONUR ÇAKIR	ÖĞRETMEN	GÜLAY ARIK
	ÖĞRETMEN	MERVE ŞİMŞEK	ÖĞRETMEN	KADİR AKIN
53	OKUL PANSİYON KOMİSYONU			
	ÖĞRETMEN	DERYA GÜNEŞ	ÖĞRETMEN	YUSUF ÇİFTÇİ
	ÖĞRETMEN	NESRİN ULUSOY	ÖĞRETMEN	ELİF POLAT
	MÜDÜR YRD.	ŞÜKRÜ KARAKUŞ	ÖĞRETMEN	HÜLYA DEMİR
	ÖĞRETMEN	CEMİL AKTAŞ	ÖĞRETMEN	SEVGİ KAYA
	ÖĞRETMEN	BURAK TEKİN	ÖĞRETMEN	NURAY ŞEN
	ÖĞRETMEN	ONUR ÇAKIR	ÖĞRETMEN	GÜLAY ARIK
	ÖĞRETMEN	MERVE ŞİMŞEK	ÖĞRETMEN	KADİR AKIN
	ÖĞRETMEN	DERYA GÜNEŞ	ÖĞRETMEN	YUSUF ÇİFTÇİ
	ÖĞRETMEN	NESRİN ULUSOY	ÖĞRETMEN	ELİF POLAT
	MÜDÜR YRD.	ŞÜKRÜ KARAKUŞ	ÖĞRETMEN	HÜLYA DEMİR
54	BELİRLİ GÜN VE HAFTALAR KOMİSYONU			
	ÖĞRETMEN	NESRİN ULUSOY	ÖĞRETMEN	ELİF POLAT
	MÜDÜR YRD.	ŞÜKRÜ KARAKUŞ	ÖĞRETMEN	HÜLYA DEMİR
	ÖĞRETMEN	CEMİL AKTAŞ	ÖĞRETMEN	SEVGİ KAYA
	ÖĞRETMEN	BURAK TEKİN	ÖĞRETMEN	NURAY ŞEN
55	OKUL TANITIM KOMİSYONU			
	MÜDÜR YRD.	ŞÜKRÜ KARAKUŞ	ÖĞRETMEN	HÜLYA DEMİR
	ÖĞRETMEN	CEMİL AKTAŞ	ÖĞRETMEN	SEVGİ KAYA
	ÖĞRETMEN	BURAK TEKİN	ÖĞRETMEN	NURAY ŞEN
	ÖĞRETMEN	ONUR ÇAKIR	ÖĞRETMEN	GÜLAY ARIK
	ÖĞRETMEN	MERVE ŞİMŞEK	ÖĞRETMEN	KADİR AKIN
	ÖĞRETMEN	DERYA GÜNEŞ	ÖĞRETMEN	YUSUF ÇİFTÇİ
56	SAĞLIKLI YAŞAM KOMİSYONU			
	ÖĞRETMEN	CEMİL AKTAŞ	ÖĞRETMEN	SEVGİ KAYA
	ÖĞRETMEN	BURAK TEKİN	ÖĞRETMEN	NURAY ŞEN
	ÖĞRETMEN	ONUR ÇAKIR	ÖĞRETMEN	GÜLAY ARIK
	ÖĞRETMEN	MERVE ŞİMŞEK	ÖĞRETMEN	KADİR AKIN
	ÖĞRETMEN	DERYA GÜNEŞ	ÖĞRETMEN	YUSUF ÇİFTÇİ
	ÖĞRETMEN	NESRİN ULUSOY	ÖĞRETMEN	ELİF POLAT
	MÜDÜR YRD.	ŞÜKRÜ KARAKUŞ	ÖĞRETMEN	HÜLYA DEMİR
	ÖĞRETMEN	CEMİL AKTAŞ	ÖĞRETMEN	SEVGİ KAYA
57	SIFIR ATIK KOMİSYONU			
	ÖĞRETMEN	BURAK TEKİN	ÖĞRETMEN	NURAY ŞEN
	ÖĞRETMEN	ONUR ÇAKIR	ÖĞRETMEN	GÜLAY ARIK
	ÖĞRETMEN	MERVE ŞİMŞEK	ÖĞRETMEN	KADİR AKIN
	ÖĞRETMEN	DERYA GÜNEŞ	ÖĞRETMEN	YUSUF ÇİFTÇİ
	ÖĞRETMEN	NESRİN ULUSOY	ÖĞRETMEN	ELİF POLAT
	MÜDÜR YRD.	ŞÜKRÜ KARAKUŞ	ÖĞRETMEN	HÜLYA DEMİR
	ÖĞRETMEN	CEMİL AKTAŞ	ÖĞRETMEN	SEVGİ KAYA
	ÖĞRETMEN	BURAK TEKİN	ÖĞRETMEN	NURAY ŞEN
	ÖĞRETMEN	ONUR ÇAKIR	ÖĞRETMEN	GÜLAY ARIK
	ÖĞRETMEN	MERVE ŞİMŞEK	ÖĞRETMEN	KADİR AKIN
58	DİJİTAL DÖNÜŞÜM KOMİSYONU			
	ÖĞRETMEN	ONUR ÇAKIR	ÖĞRETMEN	GÜLAY ARIK
	ÖĞRETMEN	MERVE ŞİMŞEK	ÖĞRETMEN	KADİR AKIN
	ÖĞRETMEN	DERYA GÜNEŞ	ÖĞRETMEN	YUSUF ÇİFTÇİ
	ÖĞRETMEN	NESRİN ULUSOY	ÖĞRETMEN	ELİF POLAT
59	KARİYER PLANLAMA KOMİSYONU			
	ÖĞRETMEN	MERVE ŞİMŞEK	ÖĞRETMEN	KADİR AKIN
	ÖĞRETMEN	DERYA GÜNEŞ	ÖĞRETMEN	YUSUF ÇİFTÇİ
	ÖĞRETMEN	NESRİN ULUSOY	ÖĞRETMEN	ELİF POLAT
	MÜDÜR YRD.	ŞÜKRÜ KARAKUŞ	ÖĞRETMEN	HÜLYA DEMİR
	ÖĞRETMEN	CEMİL AKTAŞ	ÖĞRETMEN	SEVGİ KAYA
	ÖĞRETMEN	BURAK TEKİN	ÖĞRETMEN	NURAY ŞEN
60	MEZUNLARLA İLETİŞİM KOMİSYONU			
	ÖĞRETMEN	DERYA GÜNEŞ	ÖĞRETMEN	YUSUF ÇİFTÇİ
	ÖĞRETMEN	NESRİN ULUSOY	ÖĞRETMEN	ELİF POLAT
	MÜDÜR YRD.	ŞÜKRÜ KARAKUŞ	ÖĞRETMEN	HÜLYA DEMİR
	ÖĞRETMEN	CEMİL AKTAŞ	ÖĞRETMEN	SEVGİ KAYA
	ÖĞRETMEN	BURAK TEKİN	ÖĞRETMEN	NURAY ŞEN
	ÖĞRETMEN	ONUR ÇAKIR	ÖĞRETMEN	GÜLAY ARIK
	ÖĞRETMEN	MERVE ŞİMŞEK	ÖĞRETMEN	KADİR AKIN
	ÖĞRETMEN	DERYA GÜNEŞ	ÖĞRETMEN	YUSUF ÇİFTÇİ
61	DEĞERLER EĞİTİMİ KOMİSYONU			
	ÖĞRETMEN	NESRİN ULUSOY	ÖĞRETMEN	ELİF POLAT
	MÜDÜR YRD.	ŞÜKRÜ KARAKUŞ	ÖĞRETMEN	HÜLYA DEMİR
	ÖĞRETMEN	CEMİL AKTAŞ	ÖĞRETMEN	SEVGİ KAYA
	ÖĞRETMEN	BURAK TEKİN	ÖĞRETMEN	NURAY ŞEN
	ÖĞRETMEN	ONUR ÇAKIR	ÖĞRETMEN	GÜLAY ARIK
	ÖĞRETMEN	MERVE ŞİMŞEK	ÖĞRETMEN	KADİR AKIN
	ÖĞRETMEN	DERYA GÜNEŞ	ÖĞRETMEN	YUSUF ÇİFTÇİ
	ÖĞRETMEN	NESRİN ULUSOY	ÖĞRETMEN	ELİF POLAT
	MÜDÜR YRD.	ŞÜKRÜ KARAKUŞ	ÖĞRETMEN	HÜLYA DEMİR
	ÖĞRETMEN	CEMİL AKTAŞ	ÖĞRETMEN	SEVGİ KAYA
62	OKUL KÜLTÜRÜ GELİŞTİRME KOMİSYONU			
	MÜDÜR YRD.	ŞÜKRÜ KARAKUŞ	ÖĞRETMEN	HÜLYA DEMİR
	ÖĞRETMEN	CEMİL AKTAŞ	ÖĞRETMEN	SEVGİ KAYA
	ÖĞRETMEN	BURAK TEKİN	ÖĞRETMEN	NURAY ŞEN
	ÖĞRETMEN	ONUR ÇAKIR	ÖĞRETMEN	GÜLAY ARIK
63	ERASMUS PROJE EKİBİ			
	ÖĞRETMEN	CEMİL AKTAŞ	ÖĞRETMEN	SEVGİ KAYA
	ÖĞRETMEN	BURAK TEKİN	ÖĞRETMEN	NURAY ŞEN
	ÖĞRETMEN	ONUR ÇAKIR	ÖĞRETMEN	GÜLAY ARIK
	ÖĞRETMEN	MERVE ŞİMŞEK	ÖĞRETMEN	KADİR AKIN
	ÖĞRETMEN	DERYA GÜNEŞ	ÖĞRETMEN	YUSUF ÇİFTÇİ
	ÖĞRETMEN	NESRİN ULUSOY	ÖĞRETMEN	ELİF POLAT
64	TEKNOFEST KOMİSYONU			
	ÖĞRETMEN	BURAK TEKİN	ÖĞRETMEN	NURAY ŞEN
	ÖĞRETMEN	ONUR ÇAKIR	ÖĞRETMEN	GÜLAY ARIK
	ÖĞRETMEN	MERVE ŞİMŞEK	ÖĞRETMEN	KADİR AKIN
	ÖĞRETMEN	DERYA GÜNEŞ	ÖĞRETMEN	YUSUF ÇİFTÇİ
	ÖĞRETMEN	NESRİN ULUSOY	ÖĞRETMEN	ELİF POLAT
	MÜDÜR YRD.	ŞÜKRÜ KARAKUŞ	ÖĞRETMEN	HÜLYA DEMİR
	ÖĞRETMEN	CEMİL AKTAŞ	ÖĞRETMEN	SEVGİ KAYA
	ÖĞRETMEN	BURAK TEKİN	ÖĞRETMEN	NURAY ŞEN
65	OKUL BAHÇESİ DÜZENLEME KOMİSYONU			
	ÖĞRETMEN	ONUR ÇAKIR	ÖĞRETMEN	GÜLAY ARIK
	ÖĞRETMEN	MERVE ŞİMŞEK	ÖĞRETMEN	KADİR AKIN
	ÖĞRETMEN	DERYA GÜNEŞ	ÖĞRETMEN	YUSUF ÇİFTÇİ
	ÖĞRETMEN	NESRİN ULUSOY	ÖĞRETMEN	ELİF POLAT
	MÜDÜR YRD.	ŞÜKRÜ KARAKUŞ	ÖĞRETMEN	HÜLYA DEMİR
	ÖĞRETMEN	CEMİL AKTAŞ	ÖĞRETMEN	SEVGİ KAYA
	ÖĞRETMEN	BURAK TEKİN	ÖĞRETMEN	NURAY ŞEN
	ÖĞRETMEN	ONUR ÇAKIR	ÖĞRETMEN	GÜLAY ARIK
	ÖĞRETMEN	MERVE ŞİMŞEK	ÖĞRETMEN	KADİR AKIN
	ÖĞRETMEN	DERYA GÜNEŞ	ÖĞRETMEN	YUSUF ÇİFTÇİ
66	ÖĞRENCİ KULÜBÜ DANIŞMANLARI			
	ÖĞRETMEN	MERVE ŞİMŞEK	ÖĞRETMEN	KADİR AKIN
	ÖĞRETMEN	DERYA GÜNEŞ	ÖĞRETMEN	YUSUF ÇİFTÇİ
	ÖĞRETMEN	NESRİN ULUSOY	ÖĞRETMEN	ELİF POLAT
	MÜDÜR YRD.	ŞÜKRÜ KARAKUŞ	ÖĞRETMEN	HÜLYA DEMİR
67	NÖBET ÇİZELGESİ KOMİSYONU			
	ÖĞRETMEN	DERYA GÜNEŞ	ÖĞRETMEN	YUSUF ÇİFTÇİ
	ÖĞRETMEN	NESRİN ULUSOY	ÖĞRETMEN	ELİF POLAT
	MÜDÜR YRD.	ŞÜKRÜ KARAKUŞ	ÖĞRETMEN	HÜLYA DEMİR
	ÖĞRETMEN	CEMİL AKTAŞ	ÖĞRETMEN	SEVGİ KAYA
	ÖĞRETMEN	BURAK TEKİN	ÖĞRETMEN	NURAY ŞEN
	ÖĞRETMEN	ONUR ÇAKIR	ÖĞRETMEN	GÜLAY ARIK
68	SINIF REHBER ÖĞRETMENLERİ			
	ÖĞRETMEN	NESRİN ULUSOY	ÖĞRETMEN	ELİF POLAT
	MÜDÜR YRD.	ŞÜKRÜ KARAKUŞ	ÖĞRETMEN	HÜLYA DEMİR
	ÖĞRETMEN	CEMİL AKTAŞ	ÖĞRETMEN	SEVGİ KAYA
	ÖĞRETMEN	BURAK TEKİN	ÖĞRETMEN	NURAY ŞEN
	ÖĞRETMEN	ONUR ÇAKIR	ÖĞRETMEN	GÜLAY ARIK
	ÖĞRETMEN	MERVE ŞİMŞEK	ÖĞRETMEN	KADİR AKIN
	ÖĞRETMEN	DERYA GÜNEŞ	ÖĞRETMEN	YUSUF ÇİFTÇİ
	ÖĞRETMEN	NESRİN ULUSOY	ÖĞRETMEN	ELİF POLAT
69	ATÖLYE VE LABORATUVAR KOMİSYONU			
	MÜDÜR YRD.	ŞÜKRÜ KARAKUŞ	ÖĞRETMEN	HÜLYA DEMİR
	ÖĞRETMEN	CEMİL AKTAŞ	ÖĞRETMEN	SEVGİ KAYA
	ÖĞRETMEN	BURAK TEKİN	ÖĞRETMEN	NURAY ŞEN
	ÖĞRETMEN	ONUR ÇAKIR	ÖĞRETMEN	GÜLAY ARIK
	ÖĞRETMEN	MERVE ŞİMŞEK	ÖĞRETMEN	KADİR AKIN
	ÖĞRETMEN	DERYA GÜNEŞ	ÖĞRETMEN	YUSUF ÇİFTÇİ
	ÖĞRETMEN	NESRİN ULUSOY	ÖĞRETMEN	ELİF POLAT
	MÜDÜR YRD.	ŞÜKRÜ KARAKUŞ	ÖĞRETMEN	HÜLYA DEMİR
	ÖĞRETMEN	CEMİL AKTAŞ	ÖĞRETMEN	SEVGİ KAYA
	ÖĞRETMEN	BURAK TEKİN	ÖĞRETMEN	NURAY ŞEN
